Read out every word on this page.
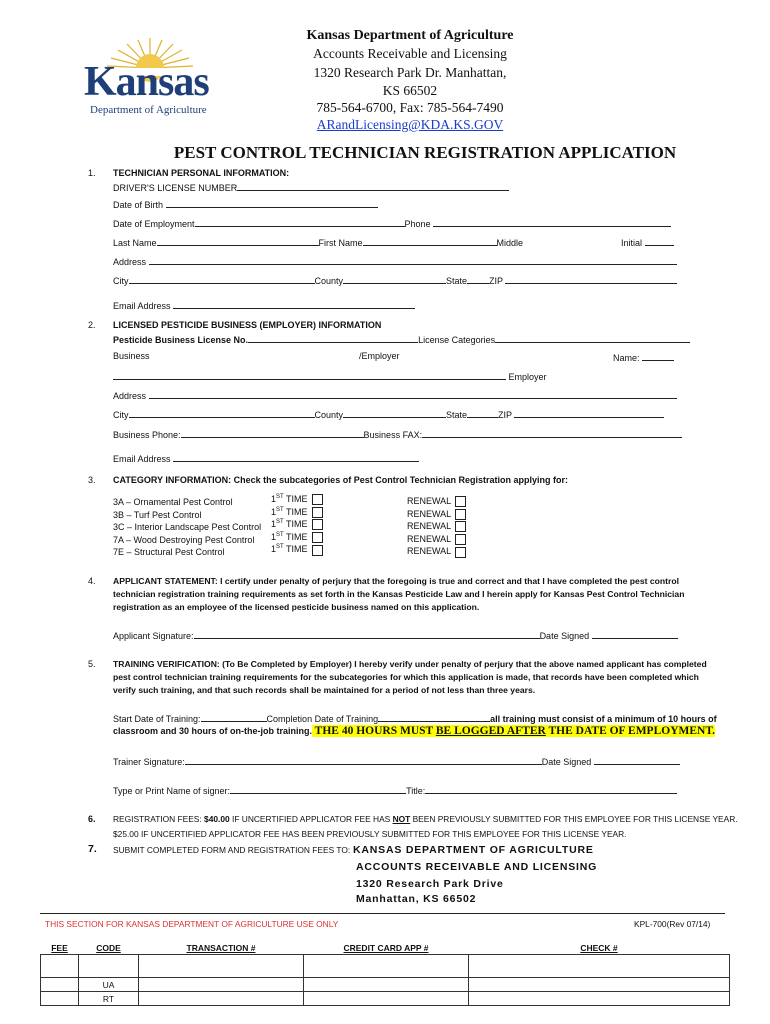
Kansas
Department of Agriculture
Kansas Department of Agriculture
Accounts Receivable and Licensing
1320 Research Park Dr. Manhattan,
KS 66502
785-564-6700, Fax: 785-564-7490
ARandLicensing@KDA.KS.GOV
PEST CONTROL TECHNICIAN REGISTRATION APPLICATION
1. TECHNICIAN PERSONAL INFORMATION:
DRIVER'S LICENSE NUMBER
Date of Birth
Date of Employment	Phone
Last Name	First Name	Middle	Initial
Address
City	County	State ZIP
Email Address
2. LICENSED PESTICIDE BUSINESS (EMPLOYER) INFORMATION
Pesticide Business License No.	License Categories
Business	/Employer	Name:
Employer
Address
City	County	State	ZIP
Business Phone:	Business FAX:
Email Address
3. CATEGORY INFORMATION: Check the subcategories of Pest Control Technician Registration applying for:
3A – Ornamental Pest Control	1ST TIME	RENEWAL
3B – Turf Pest Control	1ST TIME	RENEWAL
3C – Interior Landscape Pest Control 1ST TIME	RENEWAL
7A – Wood Destroying Pest Control 1ST TIME	RENEWAL
7E – Structural Pest Control	1ST TIME	RENEWAL
4. APPLICANT STATEMENT: I certify under penalty of perjury that the foregoing is true and correct and that I have completed the pest control technician registration training requirements as set forth in the Kansas Pesticide Law and I herein apply for Kansas Pest Control Technician registration as an employee of the licensed pesticide business named on this application.
Applicant Signature:	Date Signed
5. TRAINING VERIFICATION: (To Be Completed by Employer) I hereby verify under penalty of perjury that the above named applicant has completed pest control technician training requirements for the subcategories for which this application is made, that records have been completed which verify such training, and that such records shall be maintained for a period of not less than three years.
Start Date of Training:	Completion Date of Training	all training must consist of a minimum of 10 hours of
classroom and 30 hours of on-the-job training. THE 40 HOURS MUST BE LOGGED AFTER THE DATE OF EMPLOYMENT.
Trainer Signature:	Date Signed
Type or Print Name of signer:	Title:
6. REGISTRATION FEES: $40.00 IF UNCERTIFIED APPLICATOR FEE HAS NOT BEEN PREVIOUSLY SUBMITTED FOR THIS EMPLOYEE FOR THIS LICENSE YEAR.
$25.00 IF UNCERTIFIED APPLICATOR FEE HAS BEEN PREVIOUSLY SUBMITTED FOR THIS EMPLOYEE FOR THIS LICENSE YEAR.
7. SUBMIT COMPLETED FORM AND REGISTRATION FEES TO: KANSAS DEPARTMENT OF AGRICULTURE
ACCOUNTS RECEIVABLE AND LICENSING
1320 Research Park Drive
Manhattan, KS 66502
THIS SECTION FOR KANSAS DEPARTMENT OF AGRICULTURE USE ONLY	KPL-700(Rev 07/14)
FEE	CODE	TRANSACTION #	CREDIT CARD APP #	CHECK #

	UA			
	RT			
